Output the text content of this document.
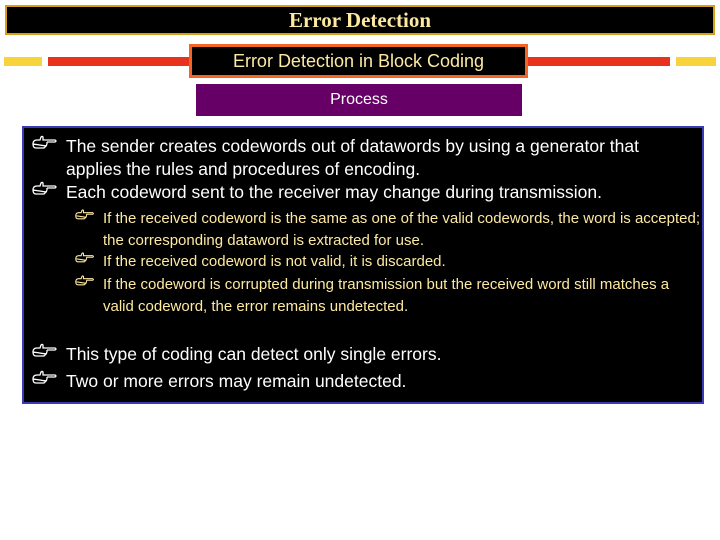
Error Detection
Error Detection in Block Coding
Process
The sender creates codewords out of datawords by using a generator that applies the rules and procedures of encoding.
Each codeword sent to the receiver may change during transmission.
If the received codeword is the same as one of the valid codewords, the word is accepted; the corresponding dataword is extracted for use.
If the received codeword is not valid, it is discarded.
If the codeword is corrupted during transmission but the received word still matches a valid codeword, the error remains undetected.
This type of coding can detect only single errors.
Two or more errors may remain undetected.
